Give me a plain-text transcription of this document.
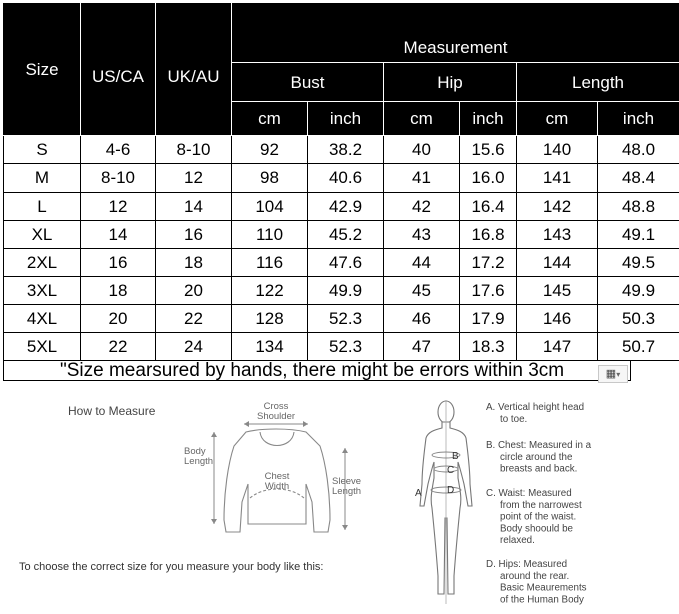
Size	US/CA	UK/AU	Measurement					
			Bust		Hip		Length	
			cm	inch	cm	inch	cm	inch
S	4-6	8-10	92	38.2	40	15.6	140	48.0
M	8-10	12	98	40.6	41	16.0	141	48.4
L	12	14	104	42.9	42	16.4	142	48.8
XL	14	16	110	45.2	43	16.8	143	49.1
2XL	16	18	116	47.6	44	17.2	144	49.5
3XL	18	20	122	49.9	45	17.6	145	49.9
4XL	20	22	128	52.3	46	17.9	146	50.3
5XL	22	24	134	52.3	47	18.3	147	50.7
"Size mearsured by hands, there might be errors within 3cm	▦▾
How to Measure	Cross
Shoulder
Chest
Width
Body
Length
Sleeve
Length
To choose the correct size for you measure your body like this:
B
C
D
A
A. Vertical height head
to toe.
B. Chest: Measured in a
circle around the
breasts and back.
C. Waist: Measured
from the narrowest
point of the waist.
Body shoould be
relaxed.
D. Hips: Measured
around the rear.
Basic Meaurements
of the Human Body
